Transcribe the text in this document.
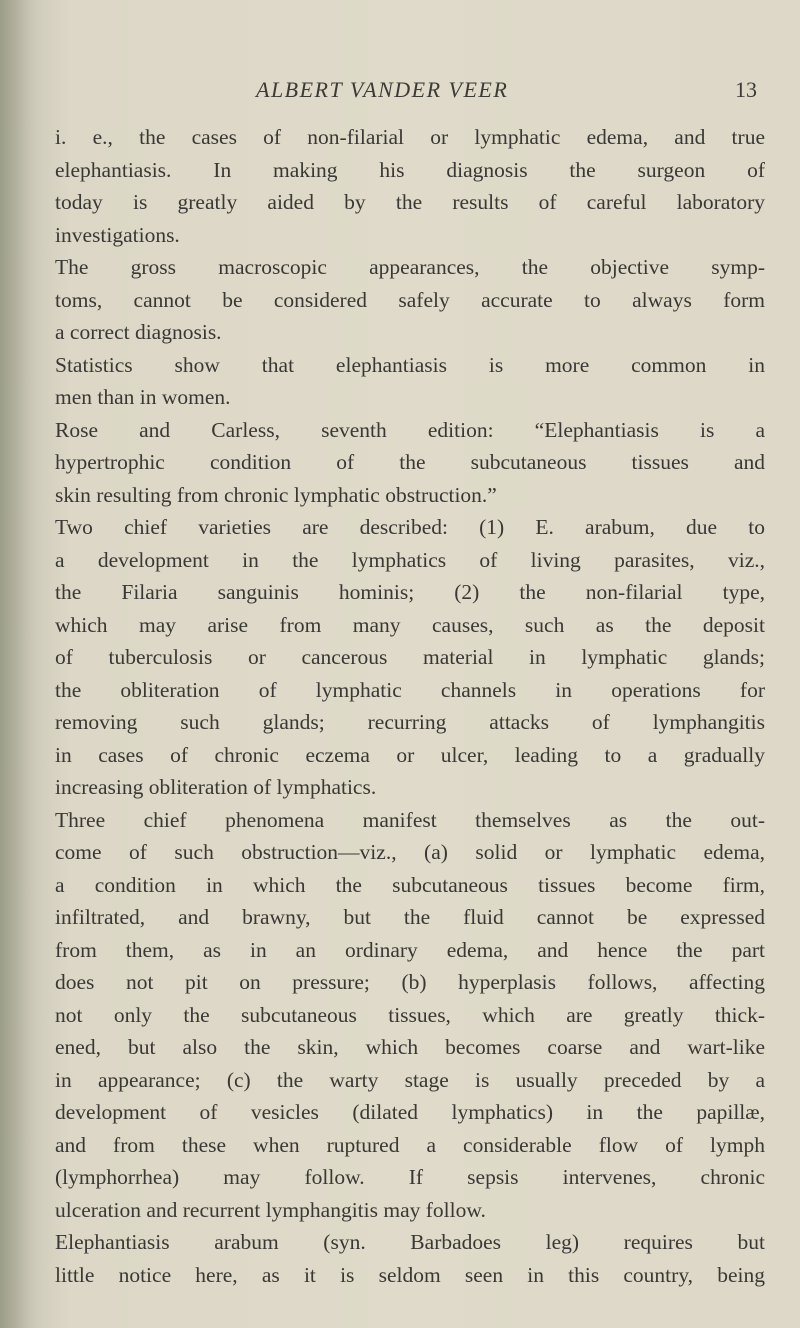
ALBERT VANDER VEER	13
i. e., the cases of non-filarial or lymphatic edema, and true
elephantiasis. In making his diagnosis the surgeon of
today is greatly aided by the results of careful laboratory
investigations.
The gross macroscopic appearances, the objective symp-
toms, cannot be considered safely accurate to always form
a correct diagnosis.
Statistics show that elephantiasis is more common in
men than in women.
Rose and Carless, seventh edition: “Elephantiasis is a
hypertrophic condition of the subcutaneous tissues and
skin resulting from chronic lymphatic obstruction.”
Two chief varieties are described: (1) E. arabum, due to
a development in the lymphatics of living parasites, viz.,
the Filaria sanguinis hominis; (2) the non-filarial type,
which may arise from many causes, such as the deposit
of tuberculosis or cancerous material in lymphatic glands;
the obliteration of lymphatic channels in operations for
removing such glands; recurring attacks of lymphangitis
in cases of chronic eczema or ulcer, leading to a gradually
increasing obliteration of lymphatics.
Three chief phenomena manifest themselves as the out-
come of such obstruction—viz., (a) solid or lymphatic edema,
a condition in which the subcutaneous tissues become firm,
infiltrated, and brawny, but the fluid cannot be expressed
from them, as in an ordinary edema, and hence the part
does not pit on pressure; (b) hyperplasis follows, affecting
not only the subcutaneous tissues, which are greatly thick-
ened, but also the skin, which becomes coarse and wart-like
in appearance; (c) the warty stage is usually preceded by a
development of vesicles (dilated lymphatics) in the papillæ,
and from these when ruptured a considerable flow of lymph
(lymphorrhea) may follow. If sepsis intervenes, chronic
ulceration and recurrent lymphangitis may follow.
Elephantiasis arabum (syn. Barbadoes leg) requires but
little notice here, as it is seldom seen in this country, being
